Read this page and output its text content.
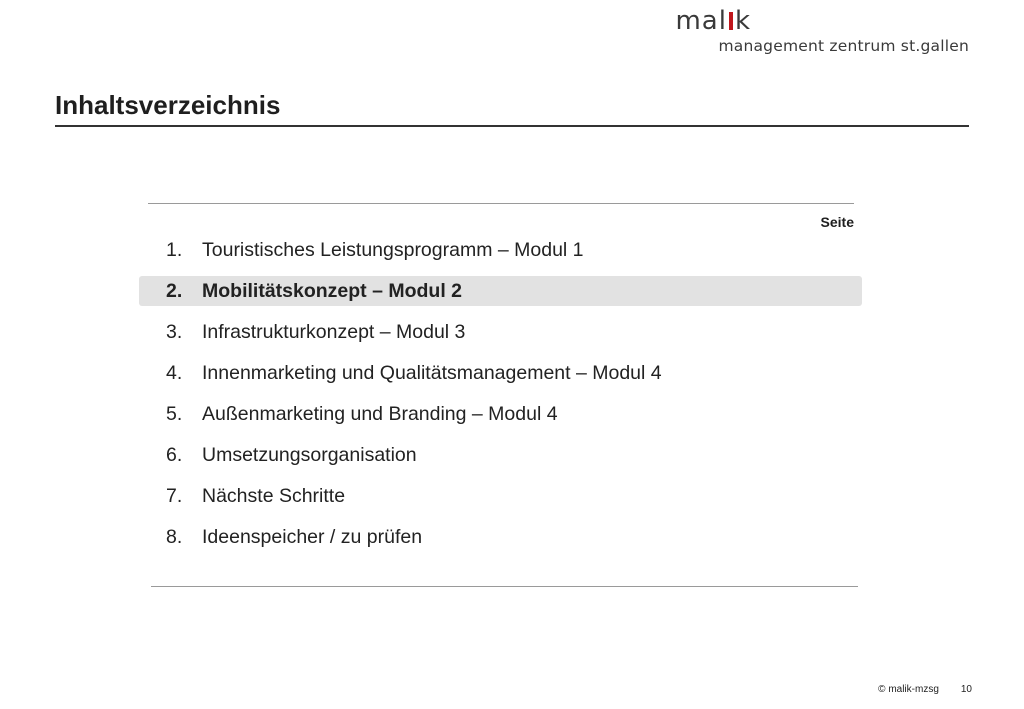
mal k
management zentrum st.gallen
Inhaltsverzeichnis
Seite
1. Touristisches Leistungsprogramm – Modul 1
2. Mobilitätskonzept – Modul 2
3. Infrastrukturkonzept – Modul 3
4. Innenmarketing und Qualitätsmanagement – Modul 4
5. Außenmarketing und Branding – Modul 4
6. Umsetzungsorganisation
7. Nächste Schritte
8. Ideenspeicher / zu prüfen
© malik-mzsg 10
